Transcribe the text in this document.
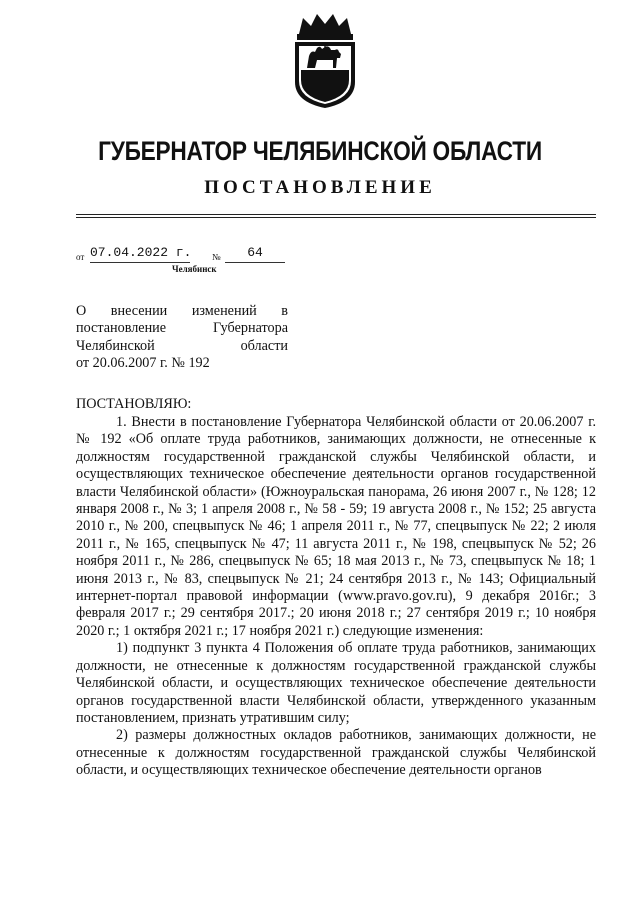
ГУБЕРНАТОР ЧЕЛЯБИНСКОЙ ОБЛАСТИ
ПОСТАНОВЛЕНИЕ
от 07.04.2022 г. №	64
Челябинск
О внесении изменений в
постановление Губернатора
Челябинской области
от 20.06.2007 г. № 192
ПОСТАНОВЛЯЮ:

1. Внести в постановление Губернатора Челябинской области от 20.06.2007 г. № 192 «Об оплате труда работников, занимающих должности, не отнесенные к должностям государственной гражданской службы Челябинской области, и осуществляющих техническое обеспечение деятельности органов государственной власти Челябинской области» (Южноуральская панорама, 26 июня 2007 г., № 128; 12 января 2008 г., № 3; 1 апреля 2008 г., № 58 - 59; 19 августа 2008 г., № 152; 25 августа 2010 г., № 200, спецвыпуск № 46; 1 апреля 2011 г., № 77, спецвыпуск № 22; 2 июля 2011 г., № 165, спецвыпуск № 47; 11 августа 2011 г., № 198, спецвыпуск № 52; 26 ноября 2011 г., № 286, спецвыпуск № 65; 18 мая 2013 г., № 73, спецвыпуск № 18; 1 июня 2013 г., № 83, спецвыпуск № 21; 24 сентября 2013 г., № 143; Официальный интернет-портал правовой информации (www.pravo.gov.ru), 9 декабря 2016г.; 3 февраля 2017 г.; 29 сентября 2017.; 20 июня 2018 г.; 27 сентября 2019 г.; 10 ноября 2020 г.; 1 октября 2021 г.; 17 ноября 2021 г.) следующие изменения:

1) подпункт 3 пункта 4 Положения об оплате труда работников, занимающих должности, не отнесенные к должностям государственной гражданской службы Челябинской области, и осуществляющих техническое обеспечение деятельности органов государственной власти Челябинской области, утвержденного указанным постановлением, признать утратившим силу;

2) размеры должностных окладов работников, занимающих должности, не отнесенные к должностям государственной гражданской службы Челябинской области, и осуществляющих техническое обеспечение деятельности органов
